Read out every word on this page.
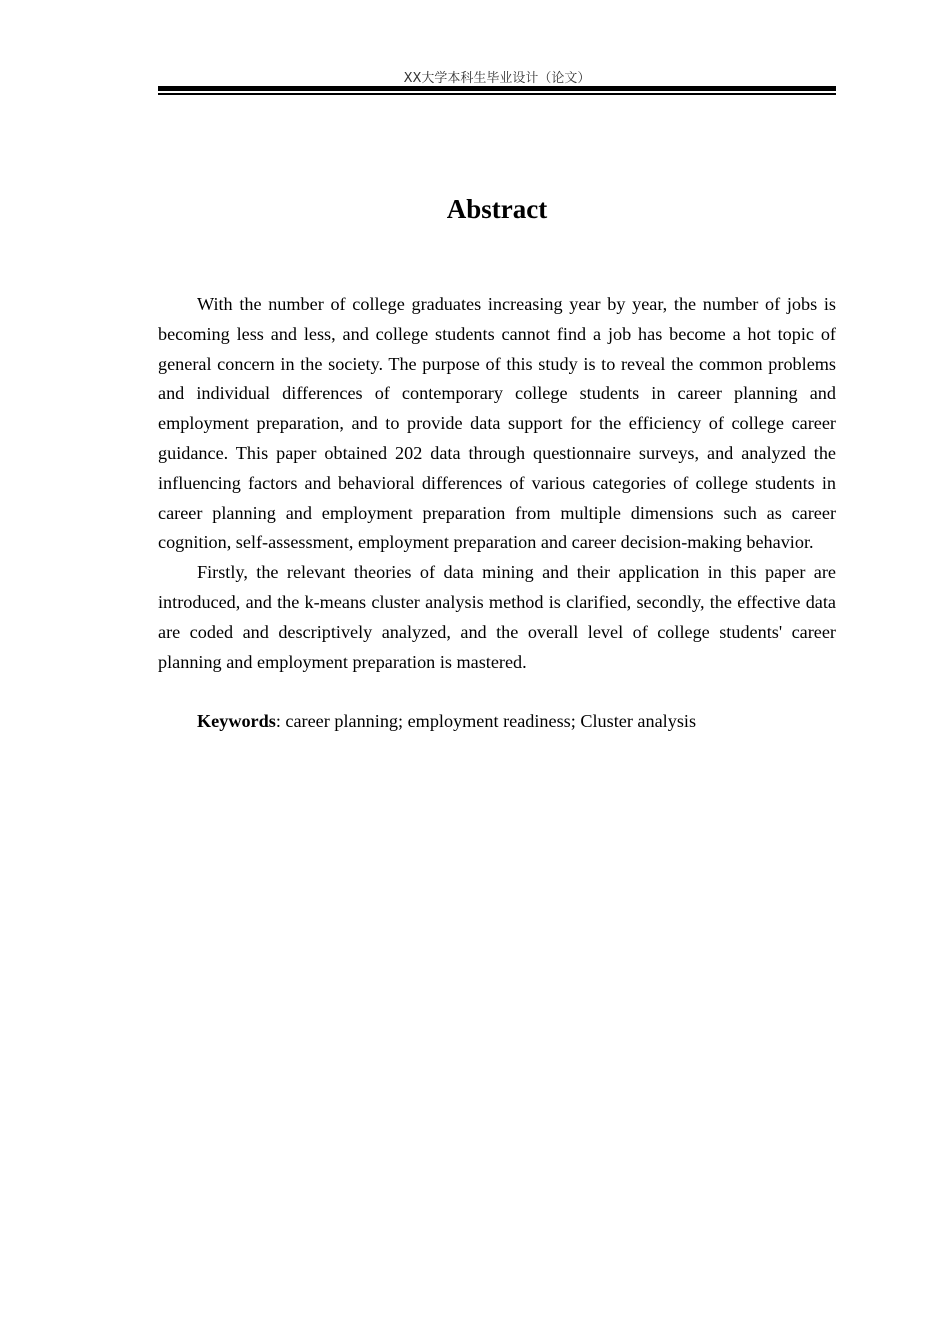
XX大学本科生毕业设计（论文）
Abstract

With the number of college graduates increasing year by year, the number of jobs is becoming less and less, and college students cannot find a job has become a hot topic of general concern in the society. The purpose of this study is to reveal the common problems and individual differences of contemporary college students in career planning and employment preparation, and to provide data support for the efficiency of college career guidance. This paper obtained 202 data through questionnaire surveys, and analyzed the influencing factors and behavioral differences of various categories of college students in career planning and employment preparation from multiple dimensions such as career cognition, self-assessment, employment preparation and career decision-making behavior.

Firstly, the relevant theories of data mining and their application in this paper are introduced, and the k-means cluster analysis method is clarified, secondly, the effective data are coded and descriptively analyzed, and the overall level of college students' career planning and employment preparation is mastered.

Keywords: career planning; employment readiness; Cluster analysis
